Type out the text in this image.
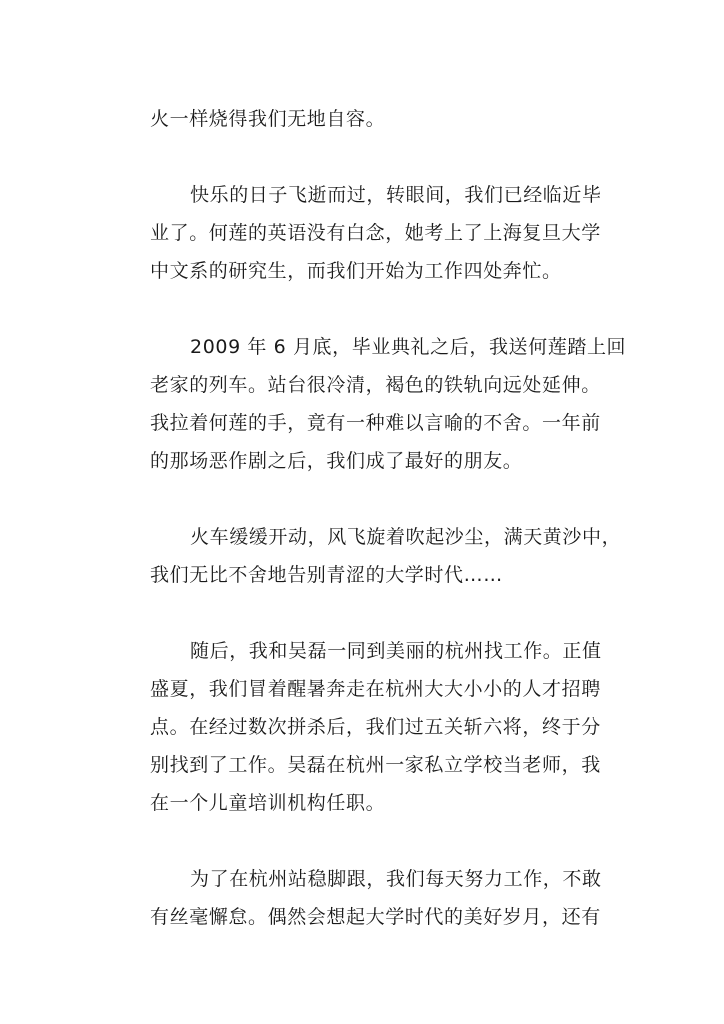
火一样烧得我们无地自容。

快乐的日子飞逝而过，转眼间，我们已经临近毕
业了。何莲的英语没有白念，她考上了上海复旦大学
中文系的研究生，而我们开始为工作四处奔忙。

2009 年 6 月底，毕业典礼之后，我送何莲踏上回
老家的列车。站台很冷清，褐色的铁轨向远处延伸。
我拉着何莲的手，竟有一种难以言喻的不舍。一年前
的那场恶作剧之后，我们成了最好的朋友。

火车缓缓开动，风飞旋着吹起沙尘，满天黄沙中，
我们无比不舍地告别青涩的大学时代……

随后，我和吴磊一同到美丽的杭州找工作。正值
盛夏，我们冒着醒暑奔走在杭州大大小小的人才招聘
点。在经过数次拼杀后，我们过五关斩六将，终于分
别找到了工作。吴磊在杭州一家私立学校当老师，我
在一个儿童培训机构任职。

为了在杭州站稳脚跟，我们每天努力工作，不敢
有丝毫懈怠。偶然会想起大学时代的美好岁月，还有
